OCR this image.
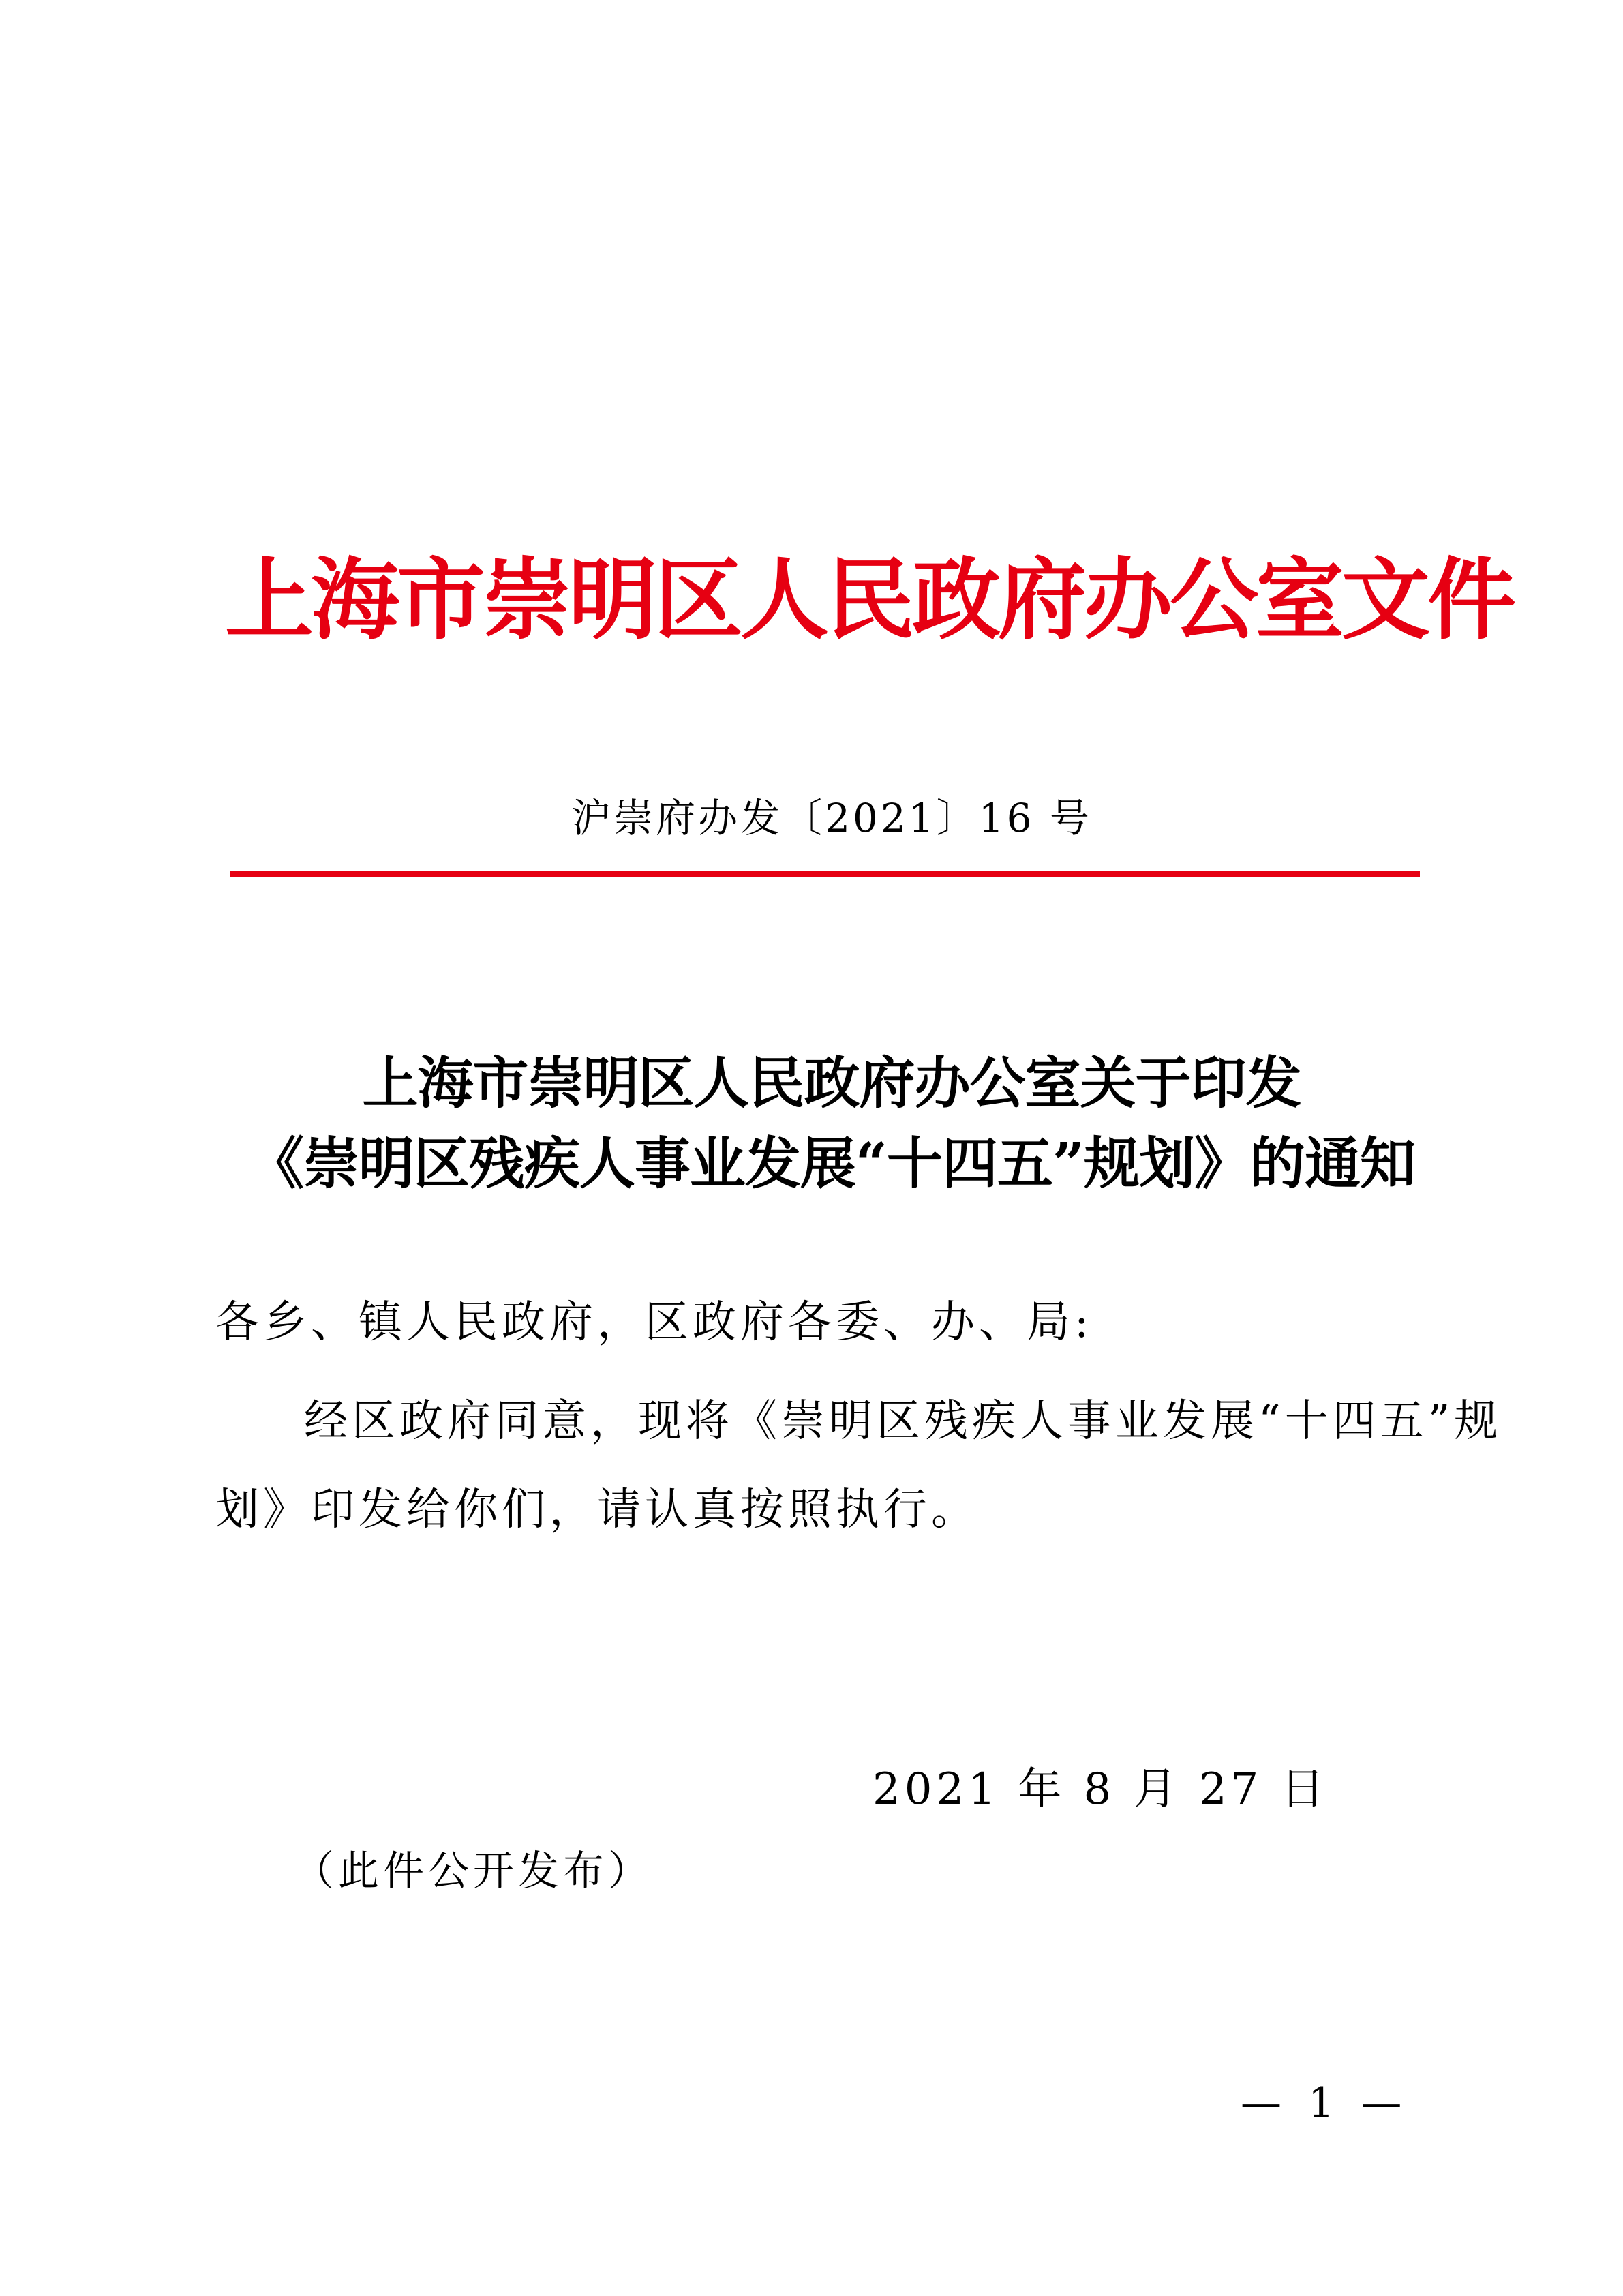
上海市崇明区人民政府办公室文件
沪崇府办发〔2021〕16 号
上海市崇明区人民政府办公室关于印发
《崇明区残疾人事业发展“十四五”规划》的通知
各乡、镇人民政府，区政府各委、办、局:
经区政府同意，现将《崇明区残疾人事业发展“十四五”规
划》印发给你们，请认真按照执行。
2021 年 8 月 27 日
（此件公开发布）
— 1 —
